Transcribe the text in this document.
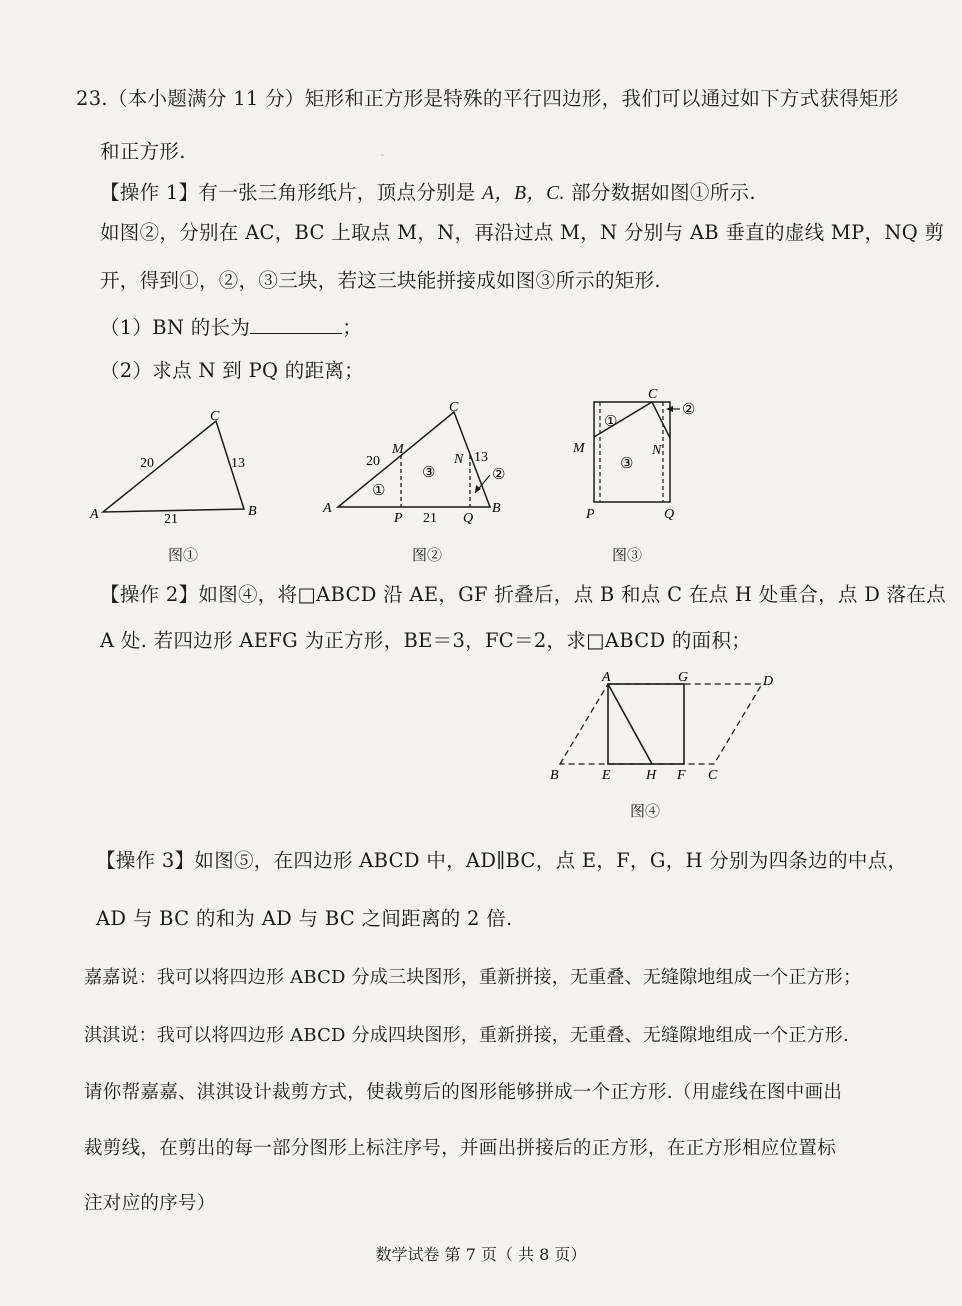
·
23.（本小题满分 11 分）矩形和正方形是特殊的平行四边形，我们可以通过如下方式获得矩形
和正方形.
【操作 1】有一张三角形纸片，顶点分别是 A，B，C. 部分数据如图①所示.
如图②，分别在 AC，BC 上取点 M，N，再沿过点 M，N 分别与 AB 垂直的虚线 MP，NQ 剪
开，得到①，②，③三块，若这三块能拼接成如图③所示的矩形.
（1）BN 的长为	；
（2）求点 N 到 PQ 的距离；
A
C
B
20	13
21
图①
A
C
B
M
N
P	Q
20	13
21
①
③	②
图②
C
M	N
P	Q
①
②
③
图③
【操作 2】如图④，将□ABCD 沿 AE，GF 折叠后，点 B 和点 C 在点 H 处重合，点 D 落在点
A 处. 若四边形 AEFG 为正方形，BE＝3，FC＝2，求□ABCD 的面积；
A	G	D
B	E	H F C
图④
【操作 3】如图⑤，在四边形 ABCD 中，AD∥BC，点 E，F，G，H 分别为四条边的中点，
AD 与 BC 的和为 AD 与 BC 之间距离的 2 倍.
嘉嘉说：我可以将四边形 ABCD 分成三块图形，重新拼接，无重叠、无缝隙地组成一个正方形；
淇淇说：我可以将四边形 ABCD 分成四块图形，重新拼接，无重叠、无缝隙地组成一个正方形.
请你帮嘉嘉、淇淇设计裁剪方式，使裁剪后的图形能够拼成一个正方形.（用虚线在图中画出
裁剪线，在剪出的每一部分图形上标注序号，并画出拼接后的正方形，在正方形相应位置标
注对应的序号）
数学试卷 第 7 页（ 共 8 页）
